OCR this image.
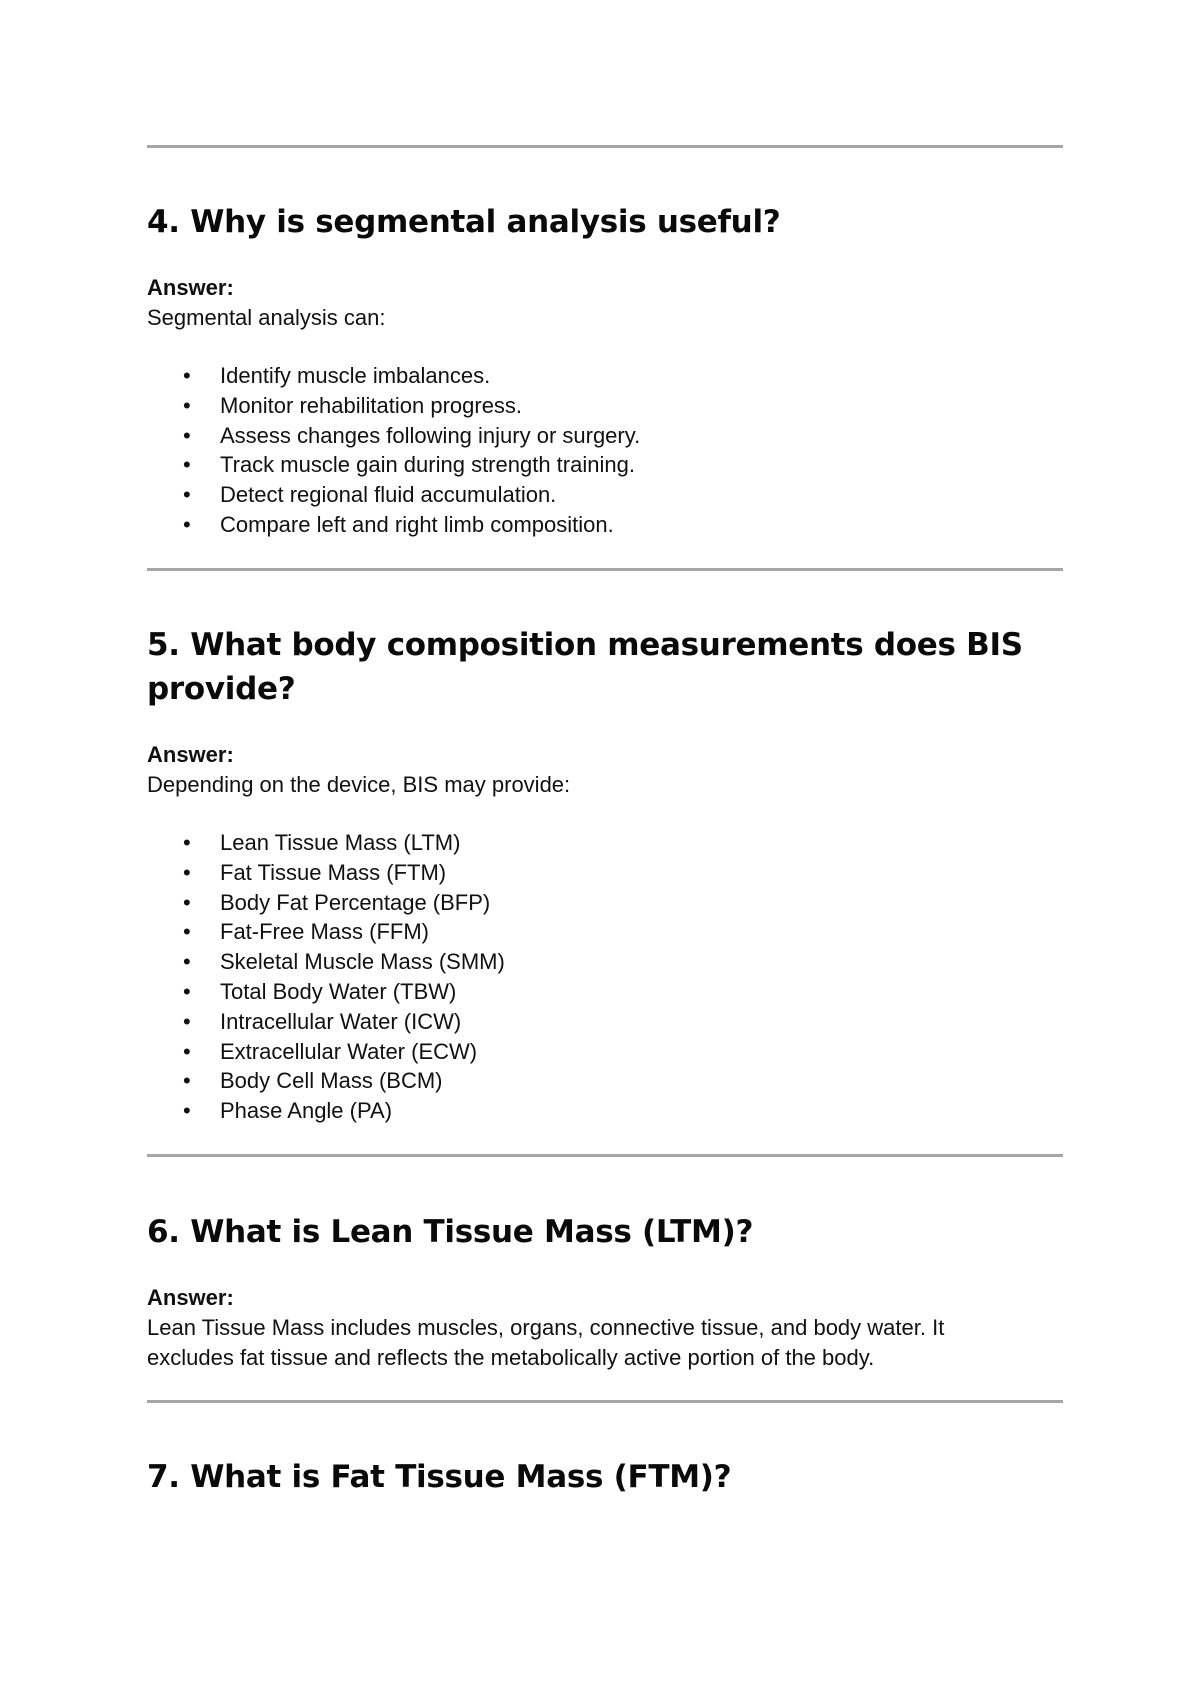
4. Why is segmental analysis useful?

Answer:

Segmental analysis can:

• Identify muscle imbalances.
• Monitor rehabilitation progress.
• Assess changes following injury or surgery.
• Track muscle gain during strength training.
• Detect regional fluid accumulation.
• Compare left and right limb composition.
5. What body composition measurements does BIS
provide?

Answer:

Depending on the device, BIS may provide:

• Lean Tissue Mass (LTM)
• Fat Tissue Mass (FTM)
• Body Fat Percentage (BFP)
• Fat-Free Mass (FFM)
• Skeletal Muscle Mass (SMM)
• Total Body Water (TBW)
• Intracellular Water (ICW)
• Extracellular Water (ECW)
• Body Cell Mass (BCM)
• Phase Angle (PA)
6. What is Lean Tissue Mass (LTM)?

Answer:

Lean Tissue Mass includes muscles, organs, connective tissue, and body water. It
excludes fat tissue and reflects the metabolically active portion of the body.

7. What is Fat Tissue Mass (FTM)?
